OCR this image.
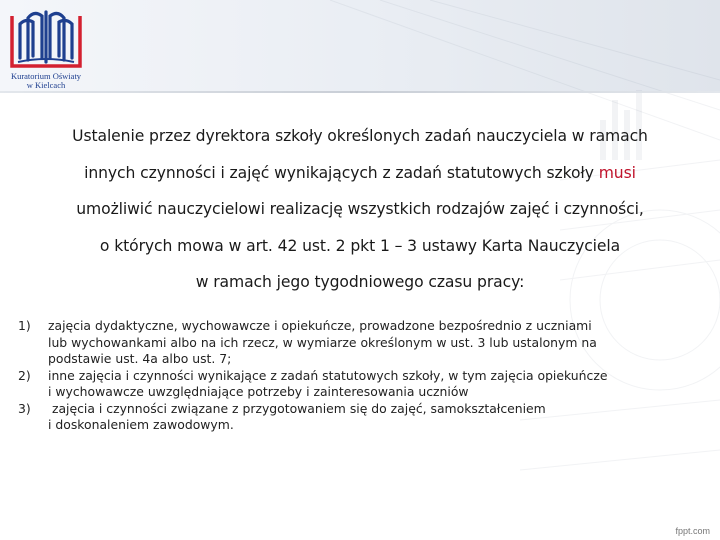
Kuratorium Oświaty
w Kielcach
Ustalenie przez dyrektora szkoły określonych zadań nauczyciela w ramach
innych czynności i zajęć wynikających z zadań statutowych szkoły musi
umożliwić nauczycielowi realizację wszystkich rodzajów zajęć i czynności,
o których mowa w art. 42 ust. 2 pkt 1 – 3 ustawy Karta Nauczyciela
w ramach jego tygodniowego czasu pracy:
1) zajęcia dydaktyczne, wychowawcze i opiekuńcze, prowadzone bezpośrednio z uczniami
lub wychowankami albo na ich rzecz, w wymiarze określonym w ust. 3 lub ustalonym na
podstawie ust. 4a albo ust. 7;
2) inne zajęcia i czynności wynikające z zadań statutowych szkoły, w tym zajęcia opiekuńcze
i wychowawcze uwzględniające potrzeby i zainteresowania uczniów
3) zajęcia i czynności związane z przygotowaniem się do zajęć, samokształceniem
i doskonaleniem zawodowym.
fppt.com
